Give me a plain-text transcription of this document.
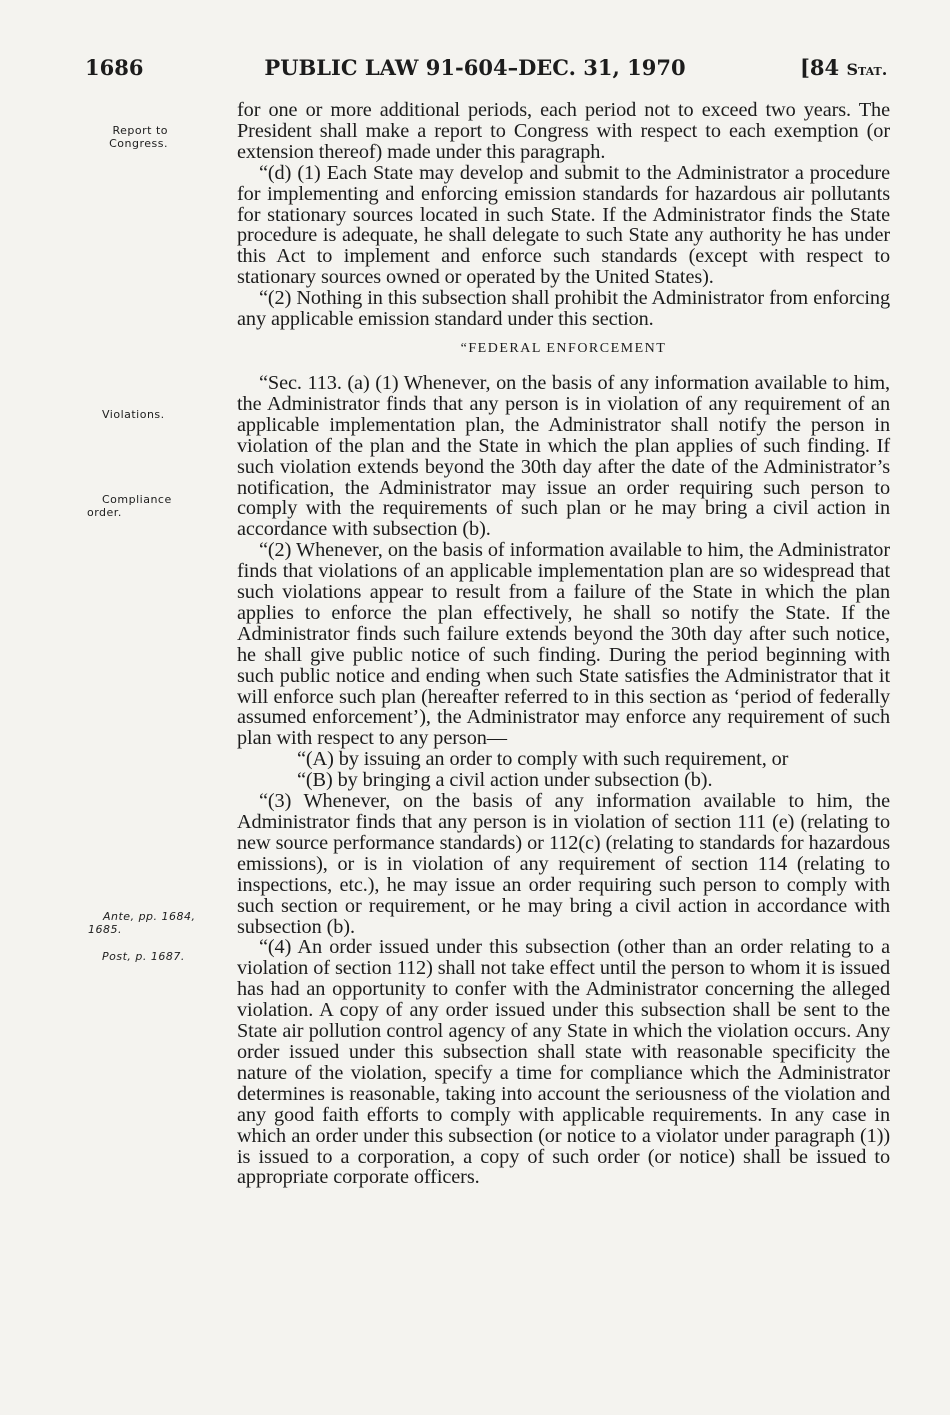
1686	PUBLIC LAW 91-604–DEC. 31, 1970	[84 Stat.
Report to
Congress.
Violations.
Compliance
order.
Ante, pp. 1684,
1685.
Post, p. 1687.

for one or more additional periods, each period not to exceed two years. The President shall make a report to Congress with respect to each exemption (or extension thereof) made under this paragraph.

“(d) (1) Each State may develop and submit to the Administrator a procedure for implementing and enforcing emission standards for hazardous air pollutants for stationary sources located in such State. If the Administrator finds the State procedure is adequate, he shall delegate to such State any authority he has under this Act to implement and enforce such standards (except with respect to stationary sources owned or operated by the United States).

“(2) Nothing in this subsection shall prohibit the Administrator from enforcing any applicable emission standard under this section.

“FEDERAL ENFORCEMENT

“Sec. 113. (a) (1) Whenever, on the basis of any information available to him, the Administrator finds that any person is in violation of any requirement of an applicable implementation plan, the Administrator shall notify the person in violation of the plan and the State in which the plan applies of such finding. If such violation extends beyond the 30th day after the date of the Administrator’s notification, the Administrator may issue an order requiring such person to comply with the requirements of such plan or he may bring a civil action in accordance with subsection (b).

“(2) Whenever, on the basis of information available to him, the Administrator finds that violations of an applicable implementation plan are so widespread that such violations appear to result from a failure of the State in which the plan applies to enforce the plan effectively, he shall so notify the State. If the Administrator finds such failure extends beyond the 30th day after such notice, he shall give public notice of such finding. During the period beginning with such public notice and ending when such State satisfies the Administrator that it will enforce such plan (hereafter referred to in this section as ‘period of federally assumed enforcement’), the Administrator may enforce any requirement of such plan with respect to any person—

“(A) by issuing an order to comply with such requirement, or

“(B) by bringing a civil action under subsection (b).

“(3) Whenever, on the basis of any information available to him, the Administrator finds that any person is in violation of section 111 (e) (relating to new source performance standards) or 112(c) (relating to standards for hazardous emissions), or is in violation of any requirement of section 114 (relating to inspections, etc.), he may issue an order requiring such person to comply with such section or requirement, or he may bring a civil action in accordance with subsection (b).

“(4) An order issued under this subsection (other than an order relating to a violation of section 112) shall not take effect until the person to whom it is issued has had an opportunity to confer with the Administrator concerning the alleged violation. A copy of any order issued under this subsection shall be sent to the State air pollution control agency of any State in which the violation occurs. Any order issued under this subsection shall state with reasonable specificity the nature of the violation, specify a time for compliance which the Administrator determines is reasonable, taking into account the seriousness of the violation and any good faith efforts to comply with applicable requirements. In any case in which an order under this subsection (or notice to a violator under paragraph (1)) is issued to a corporation, a copy of such order (or notice) shall be issued to appropriate corporate officers.
